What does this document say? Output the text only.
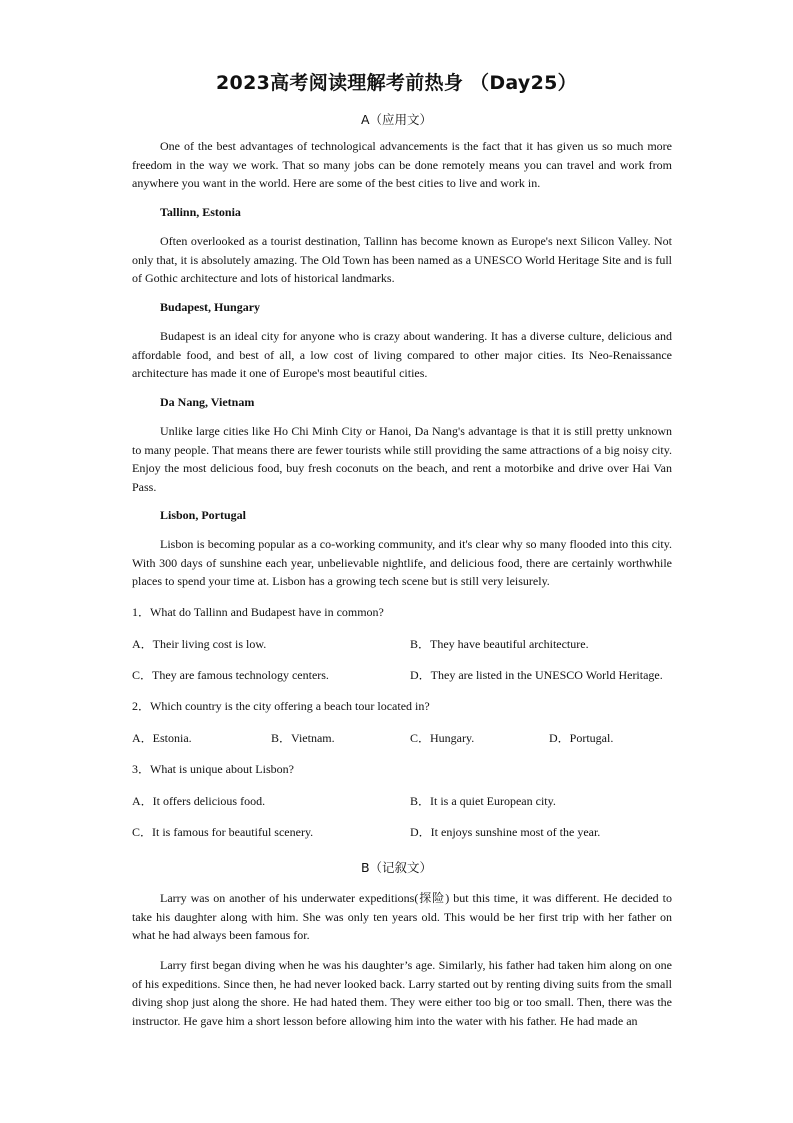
2023高考阅读理解考前热身 （Day25）
A（应用文）

One of the best advantages of technological advancements is the fact that it has given us so much more freedom in the way we work. That so many jobs can be done remotely means you can travel and work from anywhere you want in the world. Here are some of the best cities to live and work in.

Tallinn, Estonia

Often overlooked as a tourist destination, Tallinn has become known as Europe's next Silicon Valley. Not only that, it is absolutely amazing. The Old Town has been named as a UNESCO World Heritage Site and is full of Gothic architecture and lots of historical landmarks.

Budapest, Hungary

Budapest is an ideal city for anyone who is crazy about wandering. It has a diverse culture, delicious and affordable food, and best of all, a low cost of living compared to other major cities. Its Neo-Renaissance architecture has made it one of Europe's most beautiful cities.

Da Nang, Vietnam

Unlike large cities like Ho Chi Minh City or Hanoi, Da Nang's advantage is that it is still pretty unknown to many people. That means there are fewer tourists while still providing the same attractions of a big noisy city. Enjoy the most delicious food, buy fresh coconuts on the beach, and rent a motorbike and drive over Hai Van Pass.

Lisbon, Portugal

Lisbon is becoming popular as a co-working community, and it's clear why so many flooded into this city. With 300 days of sunshine each year, unbelievable nightlife, and delicious food, there are certainly worthwhile places to spend your time at. Lisbon has a growing tech scene but is still very leisurely.

1．What do Tallinn and Budapest have in common?
A．Their living cost is low.	B．They have beautiful architecture.
C．They are famous technology centers.	D．They are listed in the UNESCO World Heritage.
2．Which country is the city offering a beach tour located in?
A．Estonia.	B．Vietnam.	C．Hungary.	D．Portugal.
3．What is unique about Lisbon?
A．It offers delicious food.	B．It is a quiet European city.
C．It is famous for beautiful scenery.	D．It enjoys sunshine most of the year.
B（记叙文）

Larry was on another of his underwater expeditions(探险) but this time, it was different. He decided to take his daughter along with him. She was only ten years old. This would be her first trip with her father on what he had always been famous for.

Larry first began diving when he was his daughter’s age. Similarly, his father had taken him along on one of his expeditions. Since then, he had never looked back. Larry started out by renting diving suits from the small diving shop just along the shore. He had hated them. They were either too big or too small. Then, there was the instructor. He gave him a short lesson before allowing him into the water with his father. He had made an
